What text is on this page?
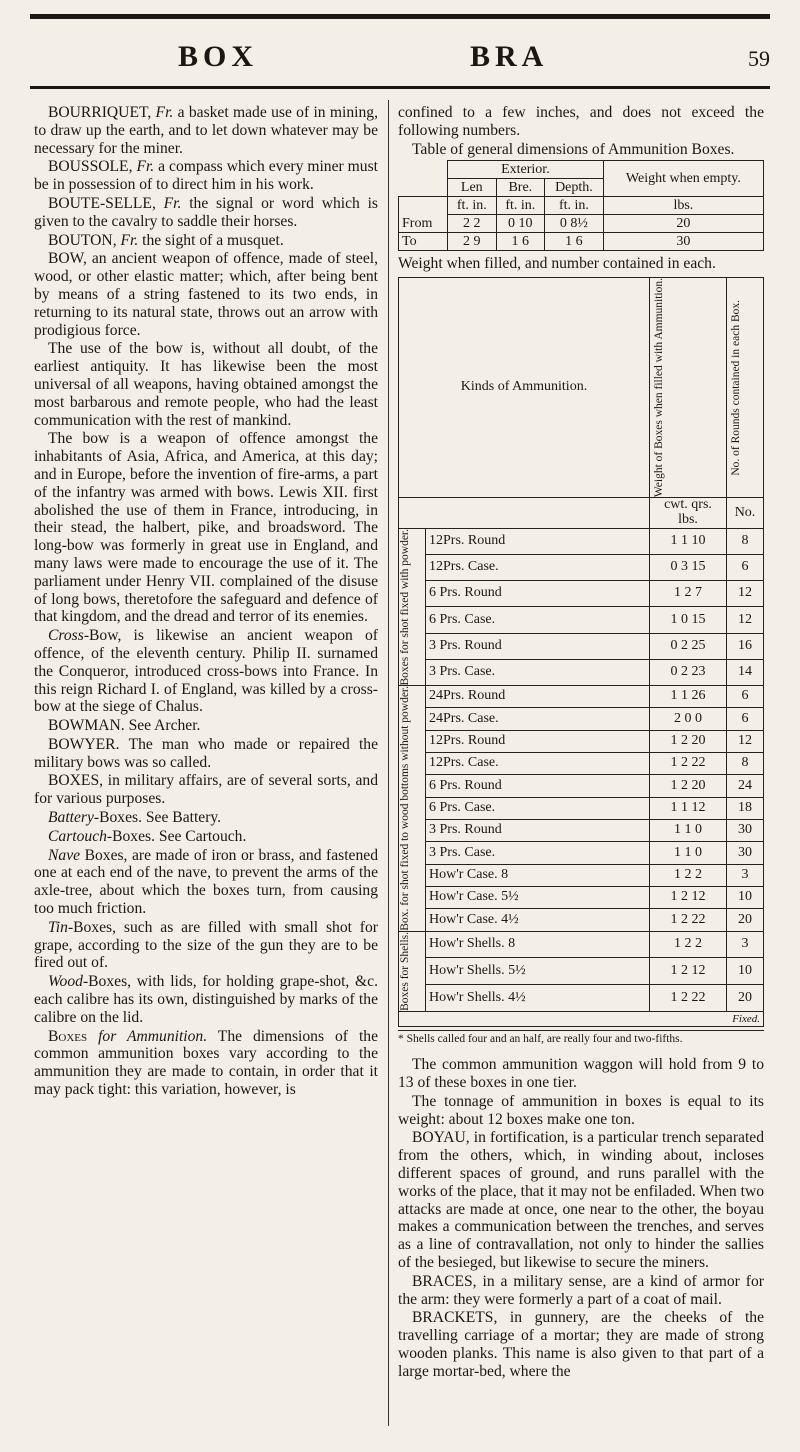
BOX	BRA	59

BOURRIQUET, Fr. a basket made use of in mining, to draw up the earth, and to let down whatever may be necessary for the miner.

BOUSSOLE, Fr. a compass which every miner must be in possession of to direct him in his work.

BOUTE-SELLE, Fr. the signal or word which is given to the cavalry to saddle their horses.

BOUTON, Fr. the sight of a musquet.

BOW, an ancient weapon of offence, made of steel, wood, or other elastic matter; which, after being bent by means of a string fastened to its two ends, in returning to its natural state, throws out an arrow with prodigious force.

The use of the bow is, without all doubt, of the earliest antiquity. It has likewise been the most universal of all weapons, having obtained amongst the most barbarous and remote people, who had the least communication with the rest of mankind.

The bow is a weapon of offence amongst the inhabitants of Asia, Africa, and America, at this day; and in Europe, before the invention of fire-arms, a part of the infantry was armed with bows. Lewis XII. first abolished the use of them in France, introducing, in their stead, the halbert, pike, and broadsword. The long-bow was formerly in great use in England, and many laws were made to encourage the use of it. The parliament under Henry VII. complained of the disuse of long bows, theretofore the safeguard and defence of that kingdom, and the dread and terror of its enemies.

Cross-Bow, is likewise an ancient weapon of offence, of the eleventh century. Philip II. surnamed the Conqueror, introduced cross-bows into France. In this reign Richard I. of England, was killed by a cross-bow at the siege of Chalus.

BOWMAN. See Archer.

BOWYER. The man who made or repaired the military bows was so called.

BOXES, in military affairs, are of several sorts, and for various purposes.

Battery-Boxes. See Battery.

Cartouch-Boxes. See Cartouch.

Nave Boxes, are made of iron or brass, and fastened one at each end of the nave, to prevent the arms of the axle-tree, about which the boxes turn, from causing too much friction.

Tin-Boxes, such as are filled with small shot for grape, according to the size of the gun they are to be fired out of.

Wood-Boxes, with lids, for holding grape-shot, &c. each calibre has its own, distinguished by marks of the calibre on the lid.

Boxes for Ammunition. The dimensions of the common ammunition boxes vary according to the ammunition they are made to contain, in order that it may pack tight: this variation, however, is

confined to a few inches, and does not exceed the following numbers.

Table of general dimensions of Ammunition Boxes.

	Exterior.			Weight when empty.
	Len	Bre.	Depth.	
	ft. in.	ft. in.	ft. in.	lbs.
From	2 2	0 10	0 8½	20
To	2 9	1 6	1 6	30

Weight when filled, and number contained in each.

Kinds of Ammunition.		Weight of Boxes when filled with Ammunition.	No. of Rounds contained in each Box.

		cwt. qrs. lbs.	No.

Boxes for shot fixed with powder.	12Prs. Round	1 1 10	8
	12Prs. Case.	0 3 15	6
	6 Prs. Round	1 2 7	12
	6 Prs. Case.	1 0 15	12
	3 Prs. Round	0 2 25	16
	3 Prs. Case.	0 2 23	14

Box. for shot fixed to wood bottoms without powder.	24Prs. Round	1 1 26	6
	24Prs. Case.	2 0 0	6
	12Prs. Round	1 2 20	12
	12Prs. Case.	1 2 22	8
	6 Prs. Round	1 2 20	24
	6 Prs. Case.	1 1 12	18
	3 Prs. Round	1 1 0	30
	3 Prs. Case.	1 1 0	30
	How'r Case. 8	1 2 2	3
	How'r Case. 5½	1 2 12	10
	How'r Case. 4½	1 2 22	20

Boxes for Shells.	How'r Shells. 8	1 2 2	3
	How'r Shells. 5½	1 2 12	10
	How'r Shells. 4½	1 2 22	20
Fixed.			

* Shells called four and an half, are really four and two-fifths.

The common ammunition waggon will hold from 9 to 13 of these boxes in one tier.

The tonnage of ammunition in boxes is equal to its weight: about 12 boxes make one ton.

BOYAU, in fortification, is a particular trench separated from the others, which, in winding about, incloses different spaces of ground, and runs parallel with the works of the place, that it may not be enfiladed. When two attacks are made at once, one near to the other, the boyau makes a communication between the trenches, and serves as a line of contravallation, not only to hinder the sallies of the besieged, but likewise to secure the miners.

BRACES, in a military sense, are a kind of armor for the arm: they were formerly a part of a coat of mail.

BRACKETS, in gunnery, are the cheeks of the travelling carriage of a mortar; they are made of strong wooden planks. This name is also given to that part of a large mortar-bed, where the
